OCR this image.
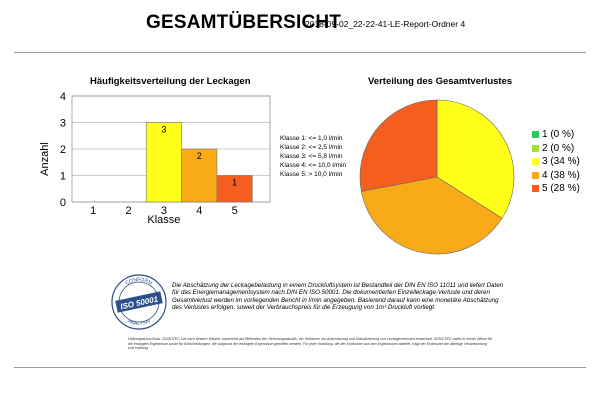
GESAMTÜBERSICHT
2018-09-02_22-22-41-LE-Report-Ordner 4
Häufigkeitsverteilung der Leckagen
0
1
2
3
4
1	2	3
3
4
2
5
1
Klasse
Anzahl
Klasse 1: <= 1,0 l/min
Klasse 2: <= 2,5 l/min
Klasse 3: <= 5,8 l/min
Klasse 4: <= 10,0 l/min
Klasse 5: > 10,0 l/min
Verteilung des Gesamtverlustes
1 (0 %)
2 (0 %)
3 (34 %)
4 (38 %)
5 (28 %)
CONFORM
ANALYSIS
ISO 50001
Die Abschätzung der Leckagebelastung in einem Druckluftsystem ist Bestandteil der DIN EN ISO 11011 und liefert Daten für das Energiemanagementsystem nach DIN EN ISO 50001. Die dokumentierten Einzelleckage-Verluste und deren Gesamtverlust werden im vorliegenden Bericht in l/min angegeben. Basierend darauf kann eine monetäre Abschätzung des Verlustes erfolgen, soweit der Verbrauchspreis für die Erzeugung von 1m³ Druckluft vorliegt.
Haftungsausschluss: SONOTEC hat nach bestem Wissen, basierend auf Methoden der Strömungsakustik, ein Verfahren zur Abschätzung und Klassifizierung von Leckageverlusten entwickelt. SONOTEC haftet in keiner Weise für die erlangten Ergebnisse sowie für Entscheidungen, die aufgrund der erlangten Ergebnisse getroffen werden. Für jede Handlung, die der Endnutzer aus den Ergebnissen ableitet, trägt der Endnutzer die alleinige Verantwortung und Haftung.
